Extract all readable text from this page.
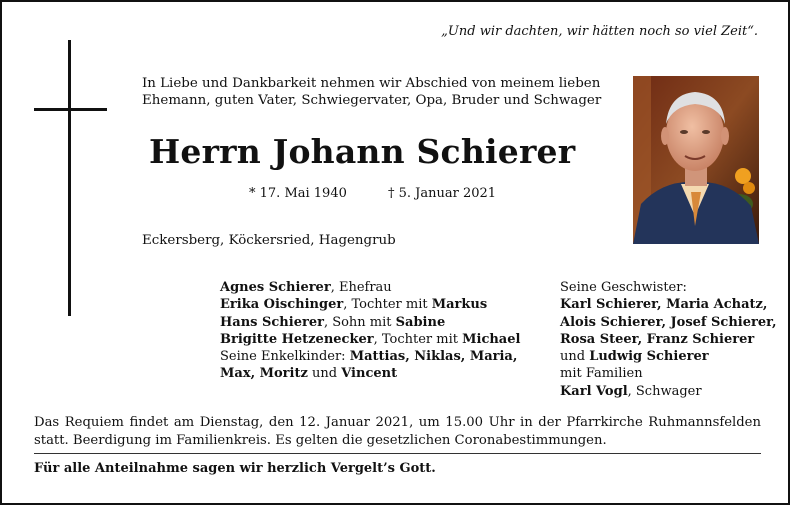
„Und wir dachten, wir hätten noch so viel Zeit“.
In Liebe und Dankbarkeit nehmen wir Abschied von meinem lieben Ehemann, guten Vater, Schwiegervater, Opa, Bruder und Schwager
Herrn Johann Schierer
* 17. Mai 1940	† 5. Januar 2021
Eckersberg, Köckersried, Hagengrub
Agnes Schierer, Ehefrau
Erika Oischinger, Tochter mit Markus
Hans Schierer, Sohn mit Sabine
Brigitte Hetzenecker, Tochter mit Michael
Seine Enkelkinder: Mattias, Niklas, Maria,
Max, Moritz und Vincent
Seine Geschwister:
Karl Schierer, Maria Achatz,
Alois Schierer, Josef Schierer,
Rosa Steer, Franz Schierer
und Ludwig Schierer
mit Familien
Karl Vogl, Schwager
Das Requiem findet am Dienstag, den 12. Januar 2021, um 15.00 Uhr in der Pfarrkirche Ruhmannsfelden statt. Beerdigung im Familienkreis. Es gelten die gesetzlichen Coronabestimmungen.
Für alle Anteilnahme sagen wir herzlich Vergelt’s Gott.
